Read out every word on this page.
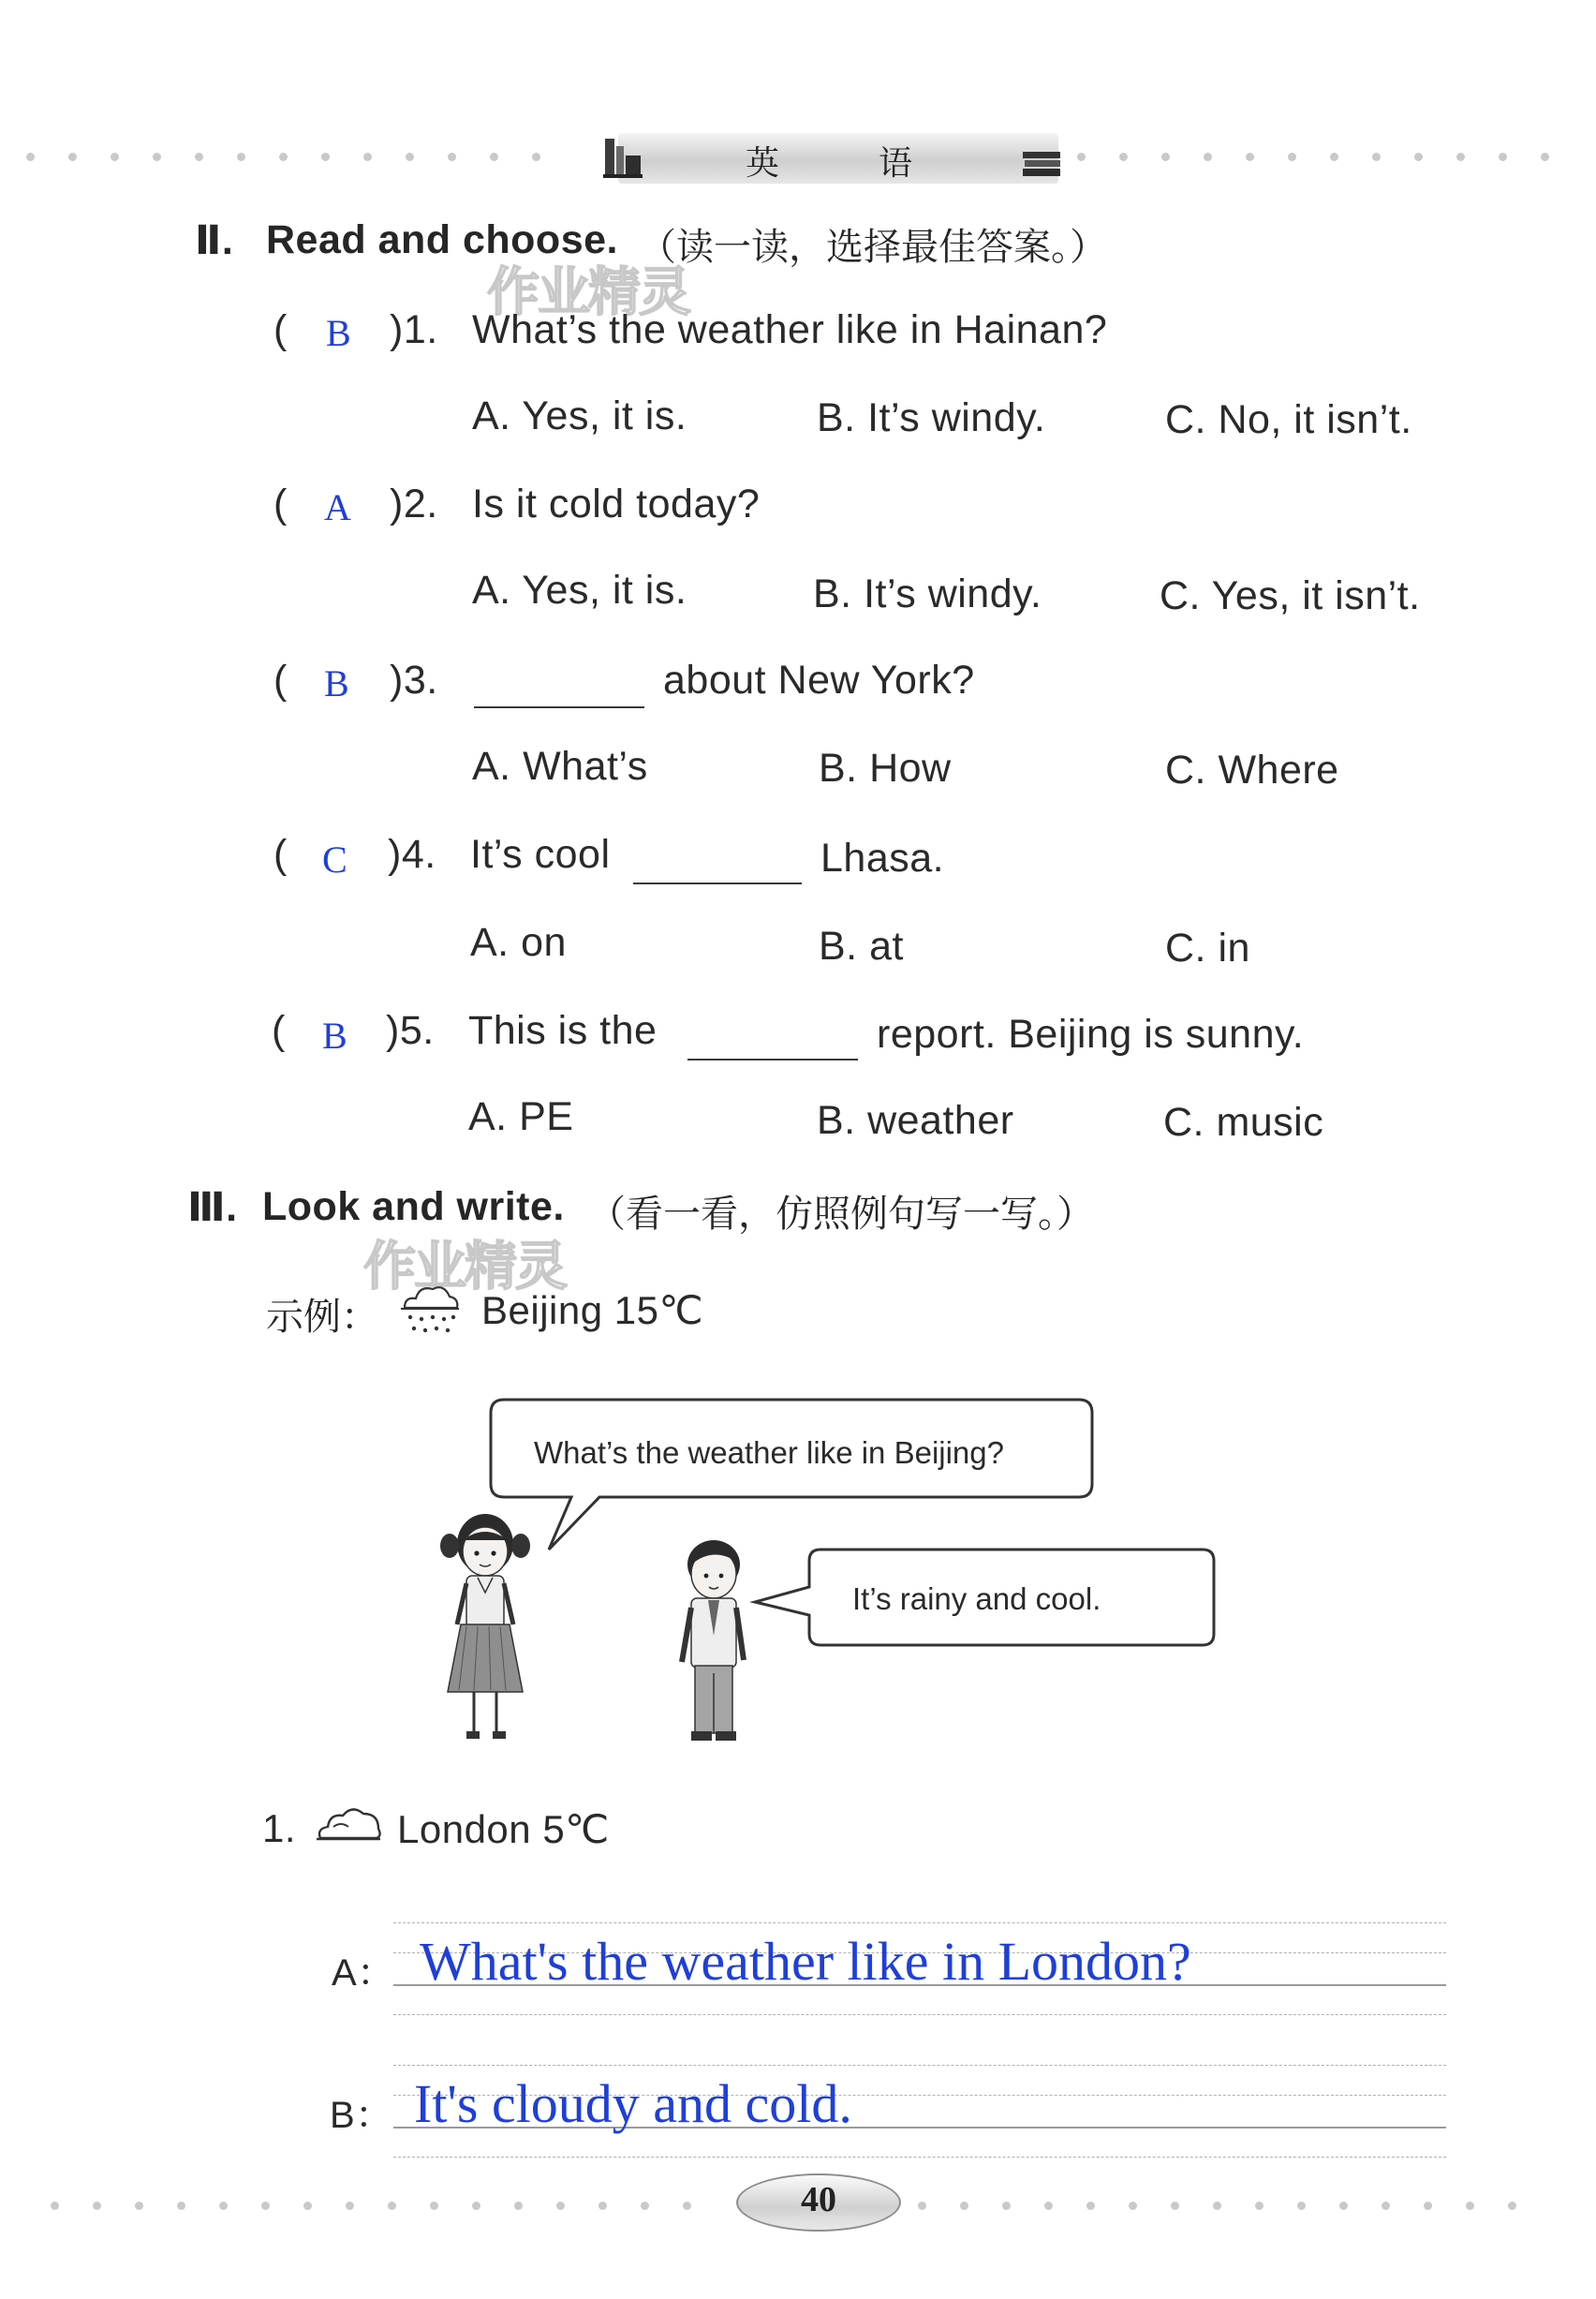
英	语
Ⅱ. Read and choose. （读一读，选择最佳答案。）
作业精灵
( B )1. What’s the weather like in Hainan?
A. Yes, it is.	B. It’s windy.	C. No, it isn’t.
( A )2. Is it cold today?
A. Yes, it is.	B. It’s windy.	C. Yes, it isn’t.
( B )3.	about New York?
A. What’s	B. How	C. Where
( C )4. It’s cool	Lhasa.
A. on	B. at	C. in
( B )5. This is the	report. Beijing is sunny.
A. PE	B. weather	C. music
Ⅲ. Look and write. （看一看，仿照例句写一写。）
作业精灵
示例：	Beijing 15℃
What’s the weather like in Beijing?
It’s rainy and cool.
1.	London 5℃
A： What's the weather like in London?
B： It's cloudy and cold.
40
